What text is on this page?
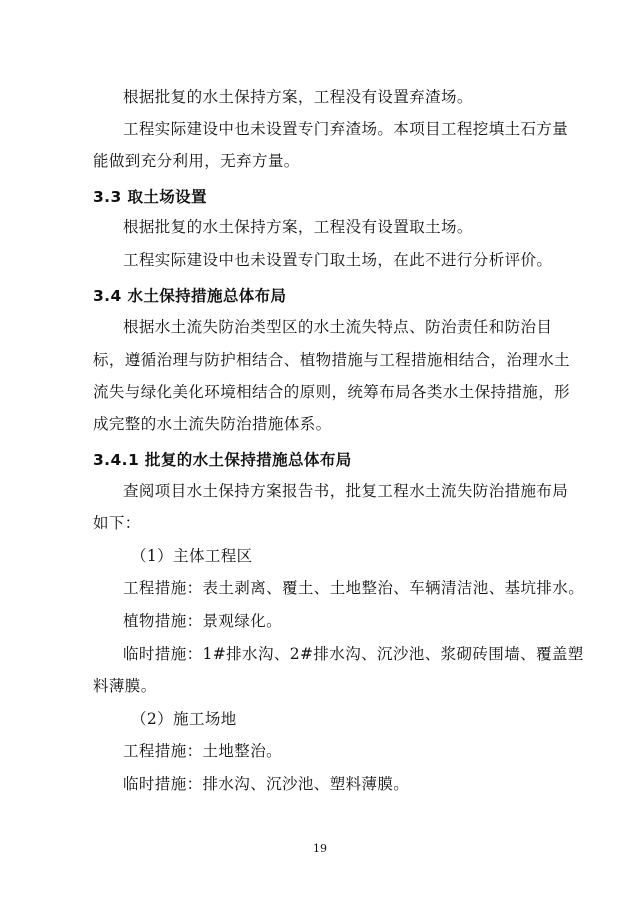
根据批复的水土保持方案，工程没有设置弃渣场。
工程实际建设中也未设置专门弃渣场。本项目工程挖填土石方量
能做到充分利用，无弃方量。
3.3 取土场设置
根据批复的水土保持方案，工程没有设置取土场。
工程实际建设中也未设置专门取土场，在此不进行分析评价。
3.4 水土保持措施总体布局
根据水土流失防治类型区的水土流失特点、防治责任和防治目
标，遵循治理与防护相结合、植物措施与工程措施相结合，治理水土
流失与绿化美化环境相结合的原则，统筹布局各类水土保持措施，形
成完整的水土流失防治措施体系。
3.4.1 批复的水土保持措施总体布局
查阅项目水土保持方案报告书，批复工程水土流失防治措施布局
如下：
（1）主体工程区
工程措施：表土剥离、覆土、土地整治、车辆清洁池、基坑排水。
植物措施：景观绿化。
临时措施：1#排水沟、2#排水沟、沉沙池、浆砌砖围墙、覆盖塑
料薄膜。
（2）施工场地
工程措施：土地整治。
临时措施：排水沟、沉沙池、塑料薄膜。
19
